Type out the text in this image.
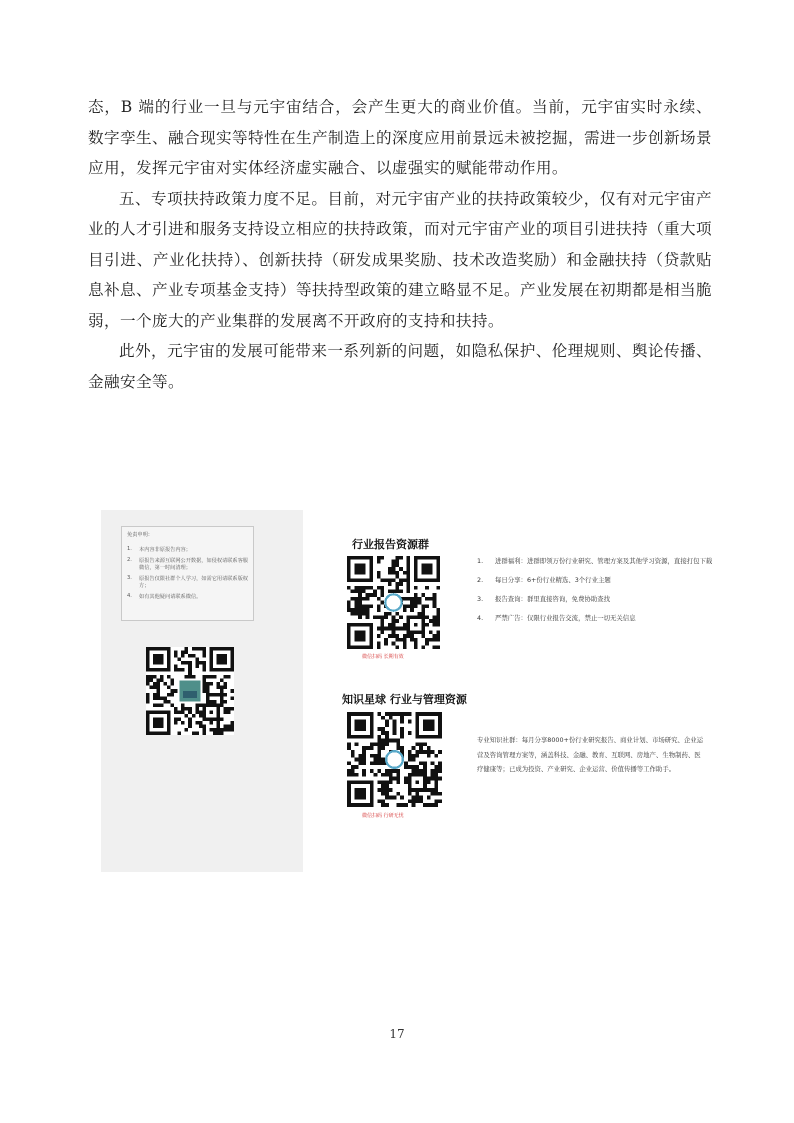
态，B 端的行业一旦与元宇宙结合，会产生更大的商业价值。当前，元宇宙实时永续、数字孪生、融合现实等特性在生产制造上的深度应用前景远未被挖掘，需进一步创新场景应用，发挥元宇宙对实体经济虚实融合、以虚强实的赋能带动作用。

五、专项扶持政策力度不足。目前，对元宇宙产业的扶持政策较少，仅有对元宇宙产业的人才引进和服务支持设立相应的扶持政策，而对元宇宙产业的项目引进扶持（重大项目引进、产业化扶持）、创新扶持（研发成果奖励、技术改造奖励）和金融扶持（贷款贴息补息、产业专项基金支持）等扶持型政策的建立略显不足。产业发展在初期都是相当脆弱，一个庞大的产业集群的发展离不开政府的支持和扶持。

此外，元宇宙的发展可能带来一系列新的问题，如隐私保护、伦理规则、舆论传播、金融安全等。

免责申明：

1.	本内容非原报告内容；
2.	原报告来源互联网公开数据，如侵权请联系客服微信，第一时间清理；
3.	原报告仅限社群个人学习，如需它用请联系版权方；
4.	如有其他疑问请联系微信。
行业报告资源群
微信扫码 长期有效
1.	进群福利：进群即领万份行业研究、管理方案及其他学习资源，直接打包下载
2.	每日分享：6+份行业精选、3个行业主题
3.	报告查询：群里直接咨询，免费协助查找
4.	严禁广告：仅限行业报告交流，禁止一切无关信息
知识星球 行业与管理资源
微信扫码 行研无忧

专业知识社群：每月分享8000+份行业研究报告、商业计划、市场研究、企业运营及咨询管理方案等，涵盖科技、金融、教育、互联网、房地产、生物制药、医疗健康等；已成为投资、产业研究、企业运营、价值传播等工作助手。

17
